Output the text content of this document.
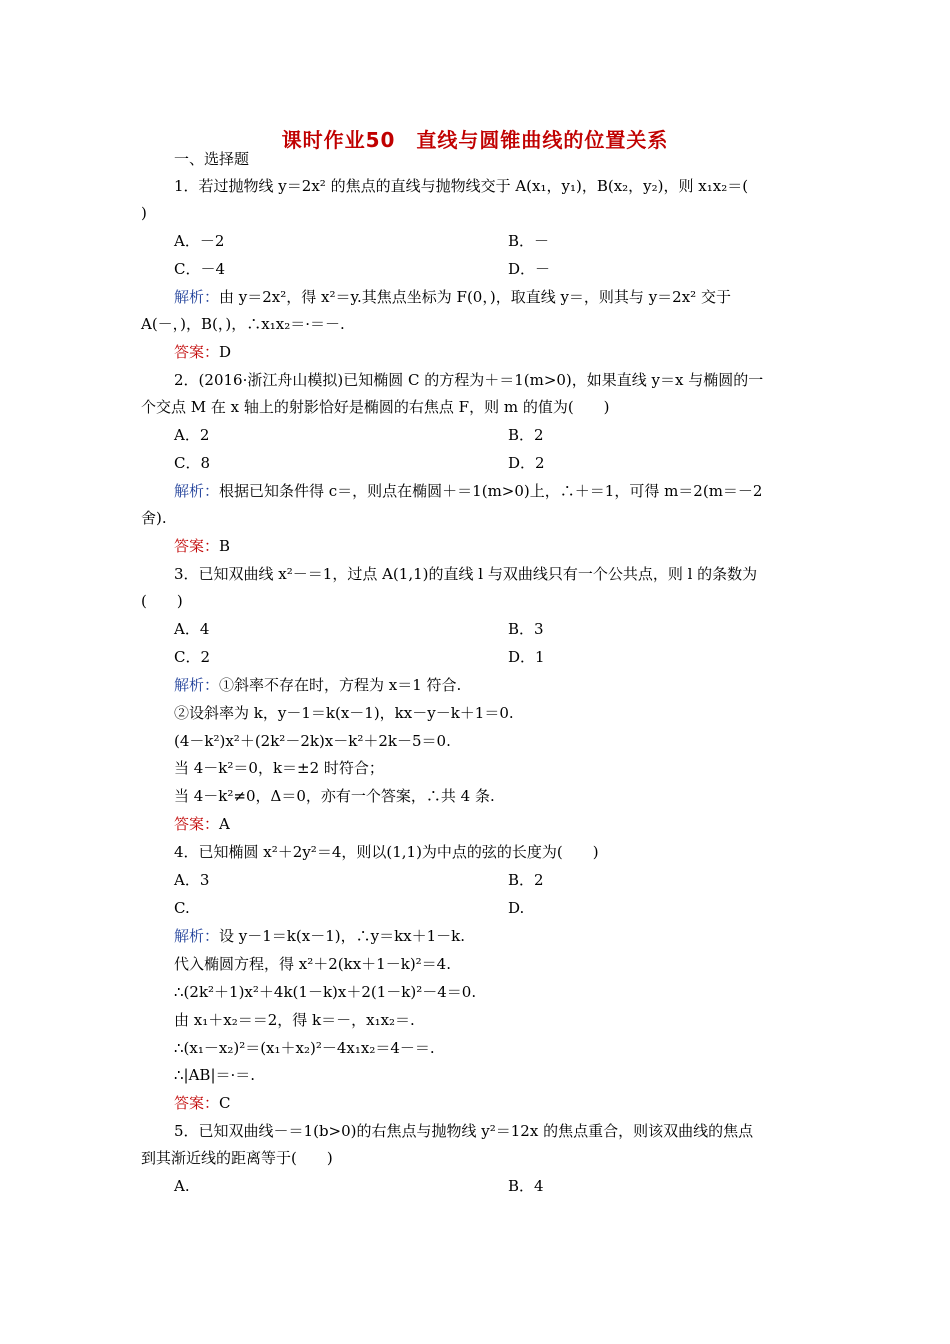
课时作业50　直线与圆锥曲线的位置关系
一、选择题
1．若过抛物线 y＝2x² 的焦点的直线与抛物线交于 A(x₁，y₁)，B(x₂，y₂)，则 x₁x₂＝(
)
A．－2	B．－
C．－4	D．－
解析：由 y＝2x²，得 x²＝y.其焦点坐标为 F(0，)，取直线 y＝，则其与 y＝2x² 交于
A(－，)，B(，)，∴x₁x₂＝·＝－.
答案：D
2．(2016·浙江舟山模拟)已知椭圆 C 的方程为＋＝1(m>0)，如果直线 y＝x 与椭圆的一
个交点 M 在 x 轴上的射影恰好是椭圆的右焦点 F，则 m 的值为(　　)
A．2	B．2
C．8	D．2
解析：根据已知条件得 c＝，则点在椭圆＋＝1(m>0)上，∴＋＝1，可得 m＝2(m＝－2
舍).
答案：B
3．已知双曲线 x²－＝1，过点 A(1,1)的直线 l 与双曲线只有一个公共点，则 l 的条数为
(　　)
A．4	B．3
C．2	D．1
解析：①斜率不存在时，方程为 x＝1 符合.
②设斜率为 k，y－1＝k(x－1)，kx－y－k＋1＝0.
(4－k²)x²＋(2k²－2k)x－k²＋2k－5＝0.
当 4－k²＝0，k＝±2 时符合；
当 4－k²≠0，Δ＝0，亦有一个答案，∴共 4 条.
答案：A
4．已知椭圆 x²＋2y²＝4，则以(1,1)为中点的弦的长度为(　　)
A．3	B．2
C.	D.
解析：设 y－1＝k(x－1)，∴y＝kx＋1－k.
代入椭圆方程，得 x²＋2(kx＋1－k)²＝4.
∴(2k²＋1)x²＋4k(1－k)x＋2(1－k)²－4＝0.
由 x₁＋x₂＝＝2，得 k＝－，x₁x₂＝.
∴(x₁－x₂)²＝(x₁＋x₂)²－4x₁x₂＝4－＝.
∴|AB|＝·＝.
答案：C
5．已知双曲线－＝1(b>0)的右焦点与抛物线 y²＝12x 的焦点重合，则该双曲线的焦点
到其渐近线的距离等于(　　)
A.	B．4
